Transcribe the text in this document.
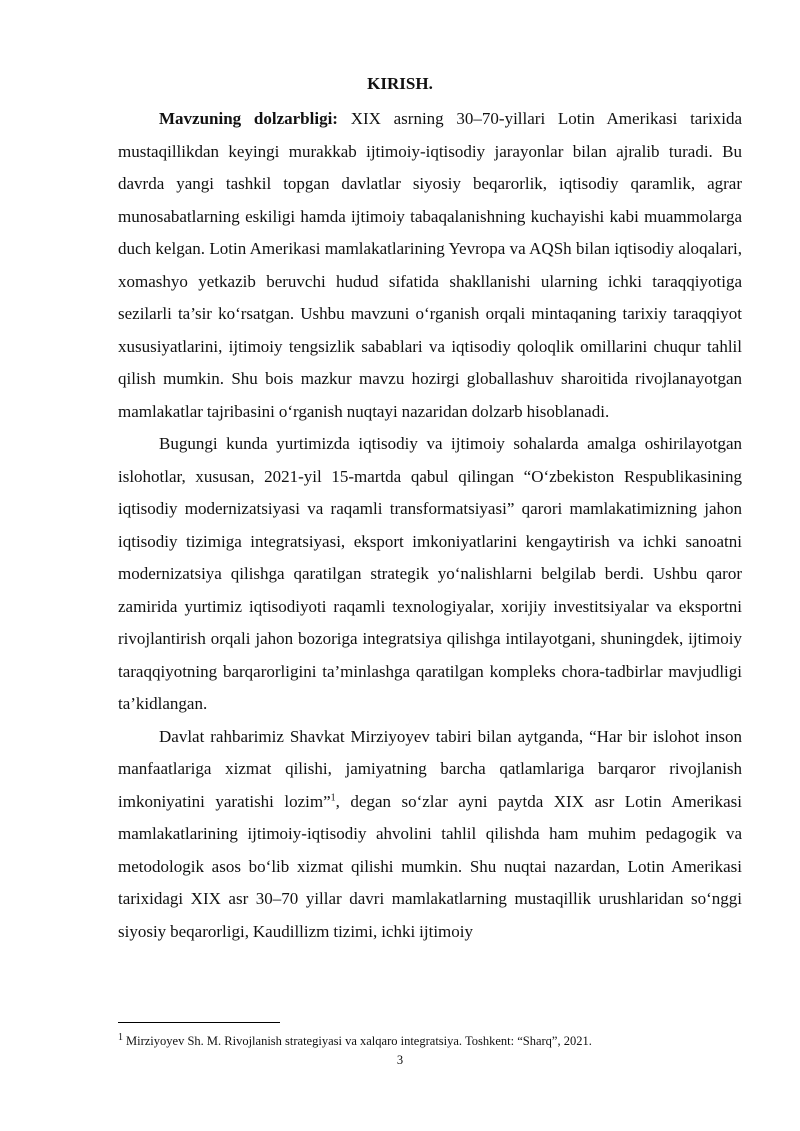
KIRISH.

Mavzuning dolzarbligi: XIX asrning 30–70-yillari Lotin Amerikasi tarixida mustaqillikdan keyingi murakkab ijtimoiy-iqtisodiy jarayonlar bilan ajralib turadi. Bu davrda yangi tashkil topgan davlatlar siyosiy beqarorlik, iqtisodiy qaramlik, agrar munosabatlarning eskiligi hamda ijtimoiy tabaqalanishning kuchayishi kabi muammolarga duch kelgan. Lotin Amerikasi mamlakatlarining Yevropa va AQSh bilan iqtisodiy aloqalari, xomashyo yetkazib beruvchi hudud sifatida shakllanishi ularning ichki taraqqiyotiga sezilarli ta’sir ko‘rsatgan. Ushbu mavzuni o‘rganish orqali mintaqaning tarixiy taraqqiyot xususiyatlarini, ijtimoiy tengsizlik sabablari va iqtisodiy qoloqlik omillarini chuqur tahlil qilish mumkin. Shu bois mazkur mavzu hozirgi globallashuv sharoitida rivojlanayotgan mamlakatlar tajribasini o‘rganish nuqtayi nazaridan dolzarb hisoblanadi.

Bugungi kunda yurtimizda iqtisodiy va ijtimoiy sohalarda amalga oshirilayotgan islohotlar, xususan, 2021-yil 15-martda qabul qilingan “O‘zbekiston Respublikasining iqtisodiy modernizatsiyasi va raqamli transformatsiyasi” qarori mamlakatimizning jahon iqtisodiy tizimiga integratsiyasi, eksport imkoniyatlarini kengaytirish va ichki sanoatni modernizatsiya qilishga qaratilgan strategik yo‘nalishlarni belgilab berdi. Ushbu qaror zamirida yurtimiz iqtisodiyoti raqamli texnologiyalar, xorijiy investitsiyalar va eksportni rivojlantirish orqali jahon bozoriga integratsiya qilishga intilayotgani, shuningdek, ijtimoiy taraqqiyotning barqarorligini ta’minlashga qaratilgan kompleks chora-tadbirlar mavjudligi ta’kidlangan.

Davlat rahbarimiz Shavkat Mirziyoyev tabiri bilan aytganda, “Har bir islohot inson manfaatlariga xizmat qilishi, jamiyatning barcha qatlamlariga barqaror rivojlanish imkoniyatini yaratishi lozim”$^1$, degan so‘zlar ayni paytda XIX asr Lotin Amerikasi mamlakatlarining ijtimoiy-iqtisodiy ahvolini tahlil qilishda ham muhim pedagogik va metodologik asos bo‘lib xizmat qilishi mumkin. Shu nuqtai nazardan, Lotin Amerikasi tarixidagi XIX asr 30–70 yillar davri mamlakatlarning mustaqillik urushlaridan so‘nggi siyosiy beqarorligi, Kaudillizm tizimi, ichki ijtimoiy

$^1$ Mirziyoyev Sh. M. Rivojlanish strategiyasi va xalqaro integratsiya. Toshkent: “Sharq”, 2021.
3
